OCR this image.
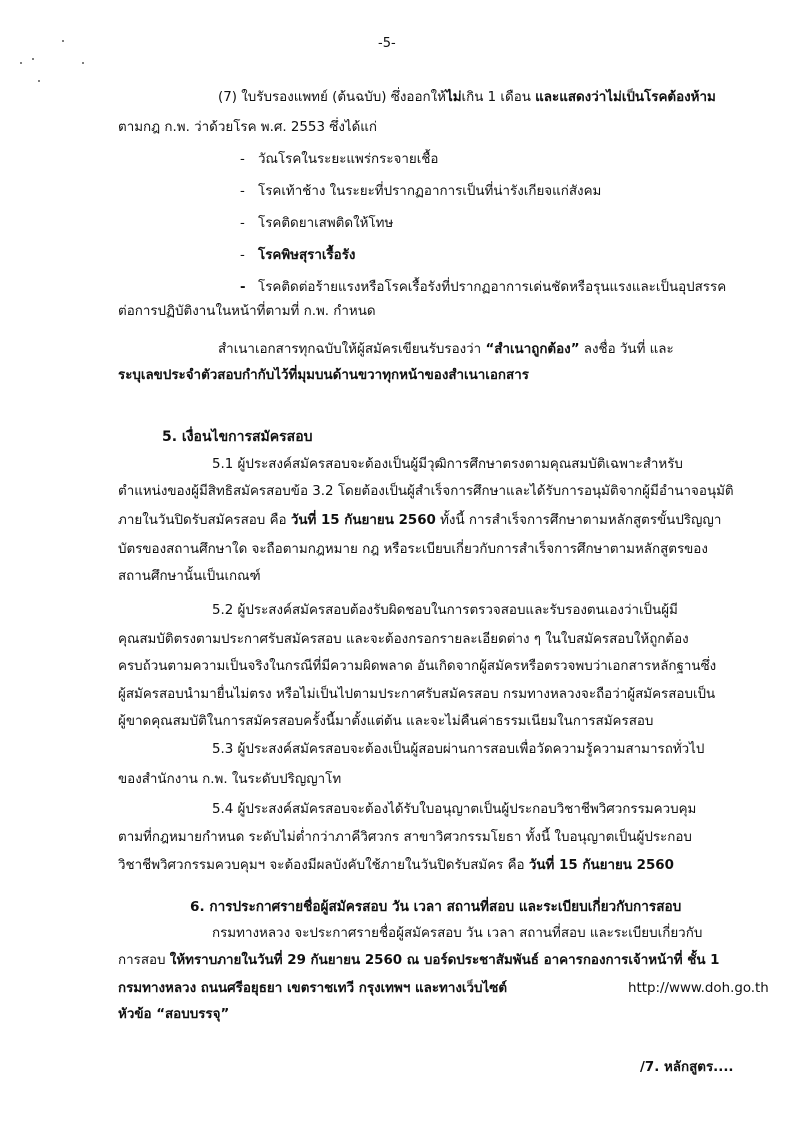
-5-
(7) ใบรับรองแพทย์ (ต้นฉบับ) ซึ่งออกให้ไม่เกิน 1 เดือน และแสดงว่าไม่เป็นโรคต้องห้าม
ตามกฎ ก.พ. ว่าด้วยโรค พ.ศ. 2553 ซึ่งได้แก่
- วัณโรคในระยะแพร่กระจายเชื้อ
- โรคเท้าช้าง ในระยะที่ปรากฏอาการเป็นที่น่ารังเกียจแก่สังคม
- โรคติดยาเสพติดให้โทษ
- โรคพิษสุราเรื้อรัง
- โรคติดต่อร้ายแรงหรือโรคเรื้อรังที่ปรากฏอาการเด่นชัดหรือรุนแรงและเป็นอุปสรรค
ต่อการปฏิบัติงานในหน้าที่ตามที่ ก.พ. กำหนด
สำเนาเอกสารทุกฉบับให้ผู้สมัครเขียนรับรองว่า “สำเนาถูกต้อง” ลงชื่อ วันที่ และ
ระบุเลขประจำตัวสอบกำกับไว้ที่มุมบนด้านขวาทุกหน้าของสำเนาเอกสาร
5. เงื่อนไขการสมัครสอบ
5.1 ผู้ประสงค์สมัครสอบจะต้องเป็นผู้มีวุฒิการศึกษาตรงตามคุณสมบัติเฉพาะสำหรับ
ตำแหน่งของผู้มีสิทธิสมัครสอบข้อ 3.2 โดยต้องเป็นผู้สำเร็จการศึกษาและได้รับการอนุมัติจากผู้มีอำนาจอนุมัติ
ภายในวันปิดรับสมัครสอบ คือ วันที่ 15 กันยายน 2560 ทั้งนี้ การสำเร็จการศึกษาตามหลักสูตรขั้นปริญญา
บัตรของสถานศึกษาใด จะถือตามกฎหมาย กฎ หรือระเบียบเกี่ยวกับการสำเร็จการศึกษาตามหลักสูตรของ
สถานศึกษานั้นเป็นเกณฑ์
5.2 ผู้ประสงค์สมัครสอบต้องรับผิดชอบในการตรวจสอบและรับรองตนเองว่าเป็นผู้มี
คุณสมบัติตรงตามประกาศรับสมัครสอบ และจะต้องกรอกรายละเอียดต่าง ๆ ในใบสมัครสอบให้ถูกต้อง
ครบถ้วนตามความเป็นจริงในกรณีที่มีความผิดพลาด อันเกิดจากผู้สมัครหรือตรวจพบว่าเอกสารหลักฐานซึ่ง
ผู้สมัครสอบนำมายื่นไม่ตรง หรือไม่เป็นไปตามประกาศรับสมัครสอบ กรมทางหลวงจะถือว่าผู้สมัครสอบเป็น
ผู้ขาดคุณสมบัติในการสมัครสอบครั้งนี้มาตั้งแต่ต้น และจะไม่คืนค่าธรรมเนียมในการสมัครสอบ
5.3 ผู้ประสงค์สมัครสอบจะต้องเป็นผู้สอบผ่านการสอบเพื่อวัดความรู้ความสามารถทั่วไป
ของสำนักงาน ก.พ. ในระดับปริญญาโท
5.4 ผู้ประสงค์สมัครสอบจะต้องได้รับใบอนุญาตเป็นผู้ประกอบวิชาชีพวิศวกรรมควบคุม
ตามที่กฎหมายกำหนด ระดับไม่ต่ำกว่าภาคีวิศวกร สาขาวิศวกรรมโยธา ทั้งนี้ ใบอนุญาตเป็นผู้ประกอบ
วิชาชีพวิศวกรรมควบคุมฯ จะต้องมีผลบังคับใช้ภายในวันปิดรับสมัคร คือ วันที่ 15 กันยายน 2560
6. การประกาศรายชื่อผู้สมัครสอบ วัน เวลา สถานที่สอบ และระเบียบเกี่ยวกับการสอบ
กรมทางหลวง จะประกาศรายชื่อผู้สมัครสอบ วัน เวลา สถานที่สอบ และระเบียบเกี่ยวกับ
การสอบ ให้ทราบภายในวันที่ 29 กันยายน 2560 ณ บอร์ดประชาสัมพันธ์ อาคารกองการเจ้าหน้าที่ ชั้น 1
กรมทางหลวง ถนนศรีอยุธยา เขตราชเทวี กรุงเทพฯ และทางเว็บไซต์	http://www.doh.go.th
หัวข้อ “สอบบรรจุ”
/7. หลักสูตร....
